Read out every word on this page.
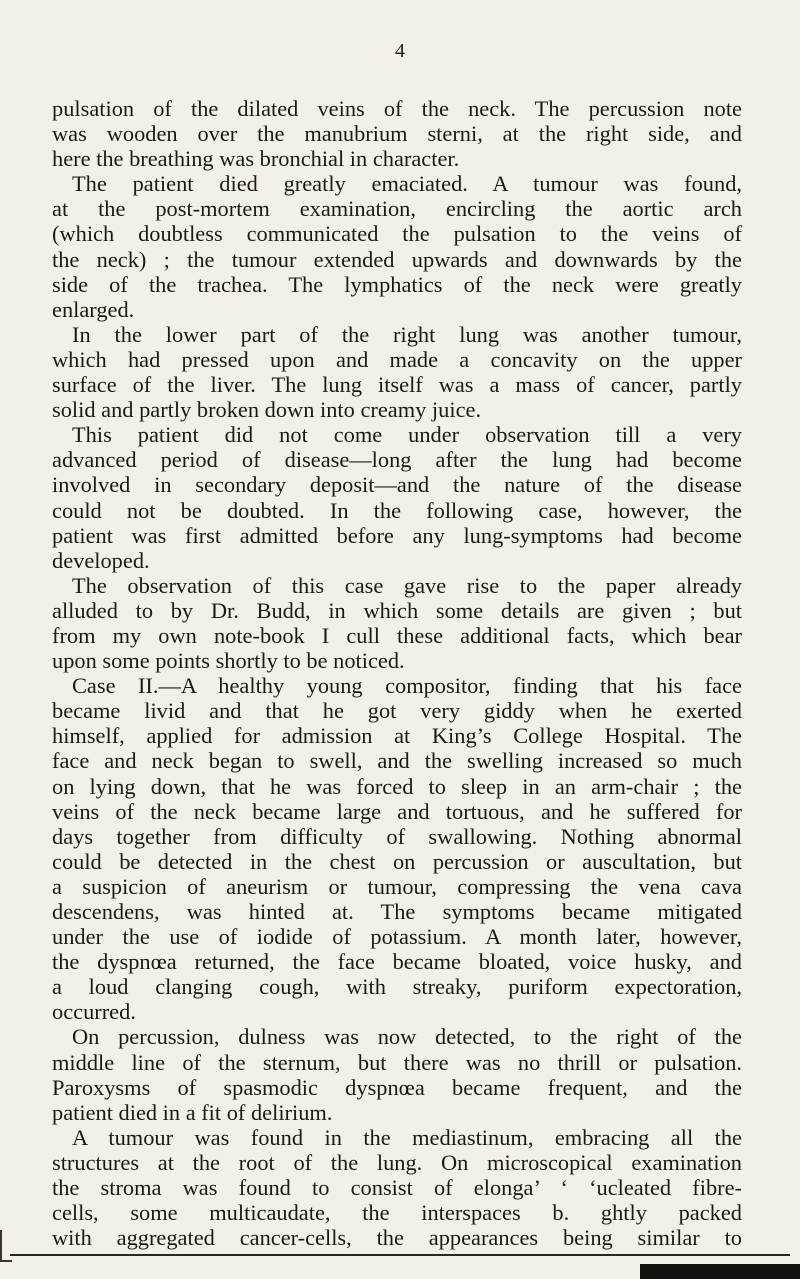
4
pulsation of the dilated veins of the neck. The percussion note
was wooden over the manubrium sterni, at the right side, and
here the breathing was bronchial in character.
The patient died greatly emaciated. A tumour was found,
at the post-mortem examination, encircling the aortic arch
(which doubtless communicated the pulsation to the veins of
the neck) ; the tumour extended upwards and downwards by the
side of the trachea. The lymphatics of the neck were greatly
enlarged.
In the lower part of the right lung was another tumour,
which had pressed upon and made a concavity on the upper
surface of the liver. The lung itself was a mass of cancer, partly
solid and partly broken down into creamy juice.
This patient did not come under observation till a very
advanced period of disease—long after the lung had become
involved in secondary deposit—and the nature of the disease
could not be doubted. In the following case, however, the
patient was first admitted before any lung-symptoms had become
developed.
The observation of this case gave rise to the paper already
alluded to by Dr. Budd, in which some details are given ; but
from my own note-book I cull these additional facts, which bear
upon some points shortly to be noticed.
Case II.—A healthy young compositor, finding that his face
became livid and that he got very giddy when he exerted
himself, applied for admission at King’s College Hospital. The
face and neck began to swell, and the swelling increased so much
on lying down, that he was forced to sleep in an arm-chair ; the
veins of the neck became large and tortuous, and he suffered for
days together from difficulty of swallowing. Nothing abnormal
could be detected in the chest on percussion or auscultation, but
a suspicion of aneurism or tumour, compressing the vena cava
descendens, was hinted at. The symptoms became mitigated
under the use of iodide of potassium. A month later, however,
the dyspnœa returned, the face became bloated, voice husky, and
a loud clanging cough, with streaky, puriform expectoration,
occurred.
On percussion, dulness was now detected, to the right of the
middle line of the sternum, but there was no thrill or pulsation.
Paroxysms of spasmodic dyspnœa became frequent, and the
patient died in a fit of delirium.
A tumour was found in the mediastinum, embracing all the
structures at the root of the lung. On microscopical examination
the stroma was found to consist of elonga’ ‘ ‘ucleated fibre-
cells, some multicaudate, the interspaces b. ghtly packed
with aggregated cancer-cells, the appearances being similar to
